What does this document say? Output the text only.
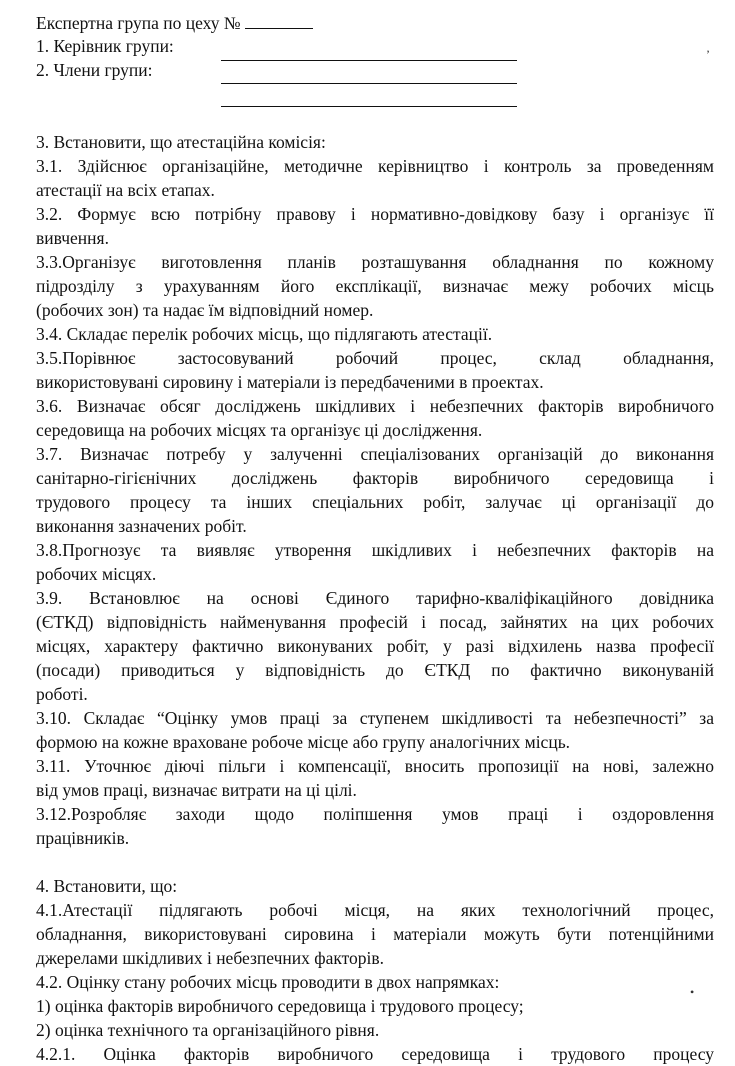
Експертна група по цеху №
1. Керівник групи:
2. Члени групи:
3. Встановити, що атестаційна комісія:
3.1. Здійснює організаційне, методичне керівництво і контроль за проведенням
атестації на всіх етапах.
3.2. Формує всю потрібну правову і нормативно-довідкову базу і організує її
вивчення.
3.3.Організує виготовлення планів розташування обладнання по кожному
підрозділу з урахуванням його експлікації, визначає межу робочих місць
(робочих зон) та надає їм відповідний номер.
3.4. Складає перелік робочих місць, що підлягають атестації.
3.5.Порівнює застосовуваний робочий процес, склад обладнання,
використовувані сировину і матеріали із передбаченими в проектах.
3.6. Визначає обсяг досліджень шкідливих і небезпечних факторів виробничого
середовища на робочих місцях та організує ці дослідження.
3.7. Визначає потребу у залученні спеціалізованих організацій до виконання
санітарно-гігієнічних досліджень факторів виробничого середовища і
трудового процесу та інших спеціальних робіт, залучає ці організації до
виконання зазначених робіт.
3.8.Прогнозує та виявляє утворення шкідливих і небезпечних факторів на
робочих місцях.
3.9. Встановлює на основі Єдиного тарифно-кваліфікаційного довідника
(ЄТКД) відповідність найменування професій і посад, зайнятих на цих робочих
місцях, характеру фактично виконуваних робіт, у разі відхилень назва професії
(посади) приводиться у відповідність до ЄТКД по фактично виконуваній
роботі.
3.10. Складає “Оцінку умов праці за ступенем шкідливості та небезпечності” за
формою на кожне враховане робоче місце або групу аналогічних місць.
3.11. Уточнює діючі пільги і компенсації, вносить пропозиції на нові, залежно
від умов праці, визначає витрати на ці цілі.
3.12.Розробляє заходи щодо поліпшення умов праці і оздоровлення
працівників.
4. Встановити, що:
4.1.Атестації підлягають робочі місця, на яких технологічний процес,
обладнання, використовувані сировина і матеріали можуть бути потенційними
джерелами шкідливих і небезпечних факторів.
4.2. Оцінку стану робочих місць проводити в двох напрямках:
1) оцінка факторів виробничого середовища і трудового процесу;
2) оцінка технічного та організаційного рівня.
4.2.1. Оцінка факторів виробничого середовища і трудового процесу
’
•
